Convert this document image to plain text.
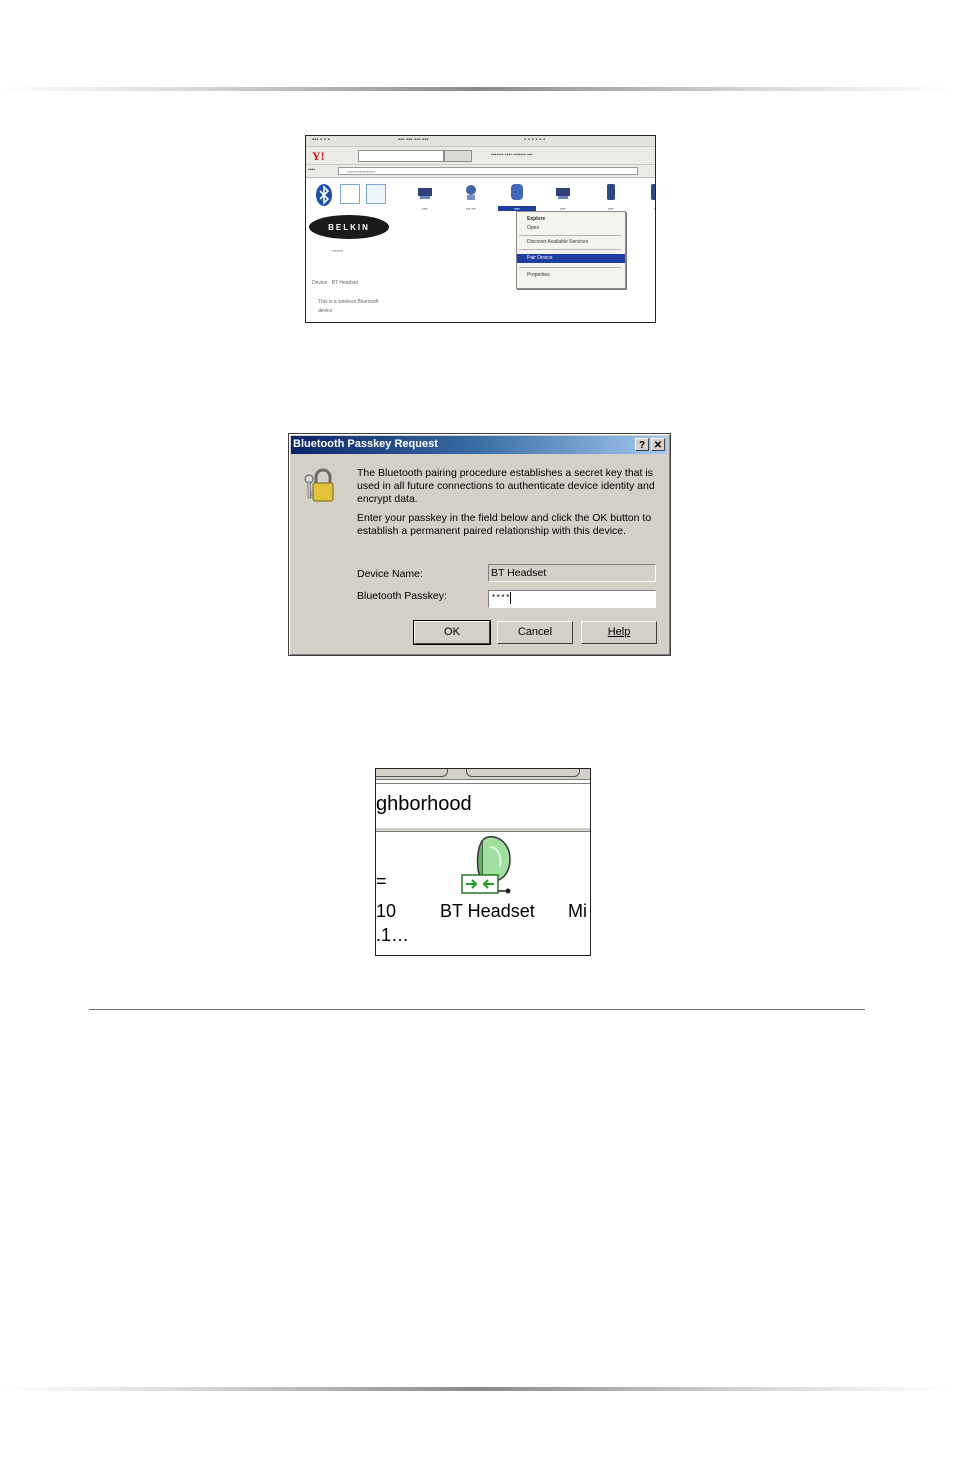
▪▪▪ ▪ ▪ ▪	▪▪▪ ▪▪▪ ▪▪▪ ▪▪▪	▪ ▪ ▪ ▪ ▪ ▪
Y!	▪▪▪▪▪▪▪ ▪▪▪▪ ▪▪▪▪▪▪▪ ▪▪▪
▪▪▪▪	▪▪▪▪▪▪▪▪▪▪▪▪▪▪▪▪▪▪▪▪
BELKIN
▪▪▪▪▪▪▪▪
Device · BT Headset
This is a wireless Bluetooth device
▪▪▪▪	▪▪▪ ▪▪▪	▪▪▪▪	▪▪▪▪	▪▪▪▪	▪
Explore
Open
Discover Available Services
Pair Device
Properties
Bluetooth Passkey Request	? ✕
The Bluetooth pairing procedure establishes a secret key that is used in all future connections to authenticate device identity and encrypt data.
Enter your passkey in the field below and click the OK button to establish a permanent paired relationship with this device.
Device Name:	BT Headset
Bluetooth Passkey:	****
OK	Cancel	Help
ghborhood
=
10
.1…
BT Headset Mi
